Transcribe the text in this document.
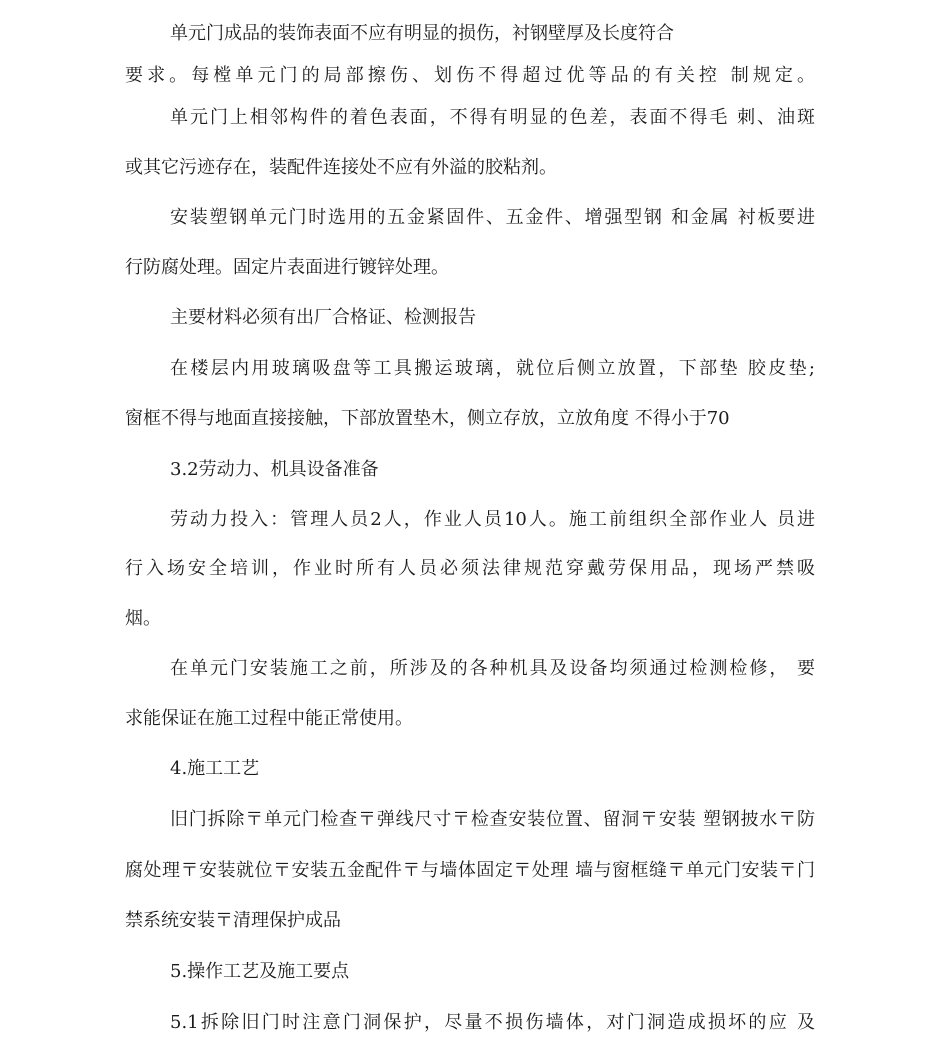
单元门成品的装饰表面不应有明显的损伤，衬钢壁厚及长度符合
要求。每樘单元门的局部擦伤、划伤不得超过优等品的有关控 制规定。
单元门上相邻构件的着色表面，不得有明显的色差，表面不得毛 刺、油斑
或其它污迹存在，装配件连接处不应有外溢的胶粘剂。
安装塑钢单元门时选用的五金紧固件、五金件、增强型钢 和金属 衬板要进
行防腐处理。固定片表面进行镀锌处理。
主要材料必须有出厂合格证、检测报告
在楼层内用玻璃吸盘等工具搬运玻璃，就位后侧立放置，下部垫 胶皮垫;
窗框不得与地面直接接触，下部放置垫木，侧立存放，立放角度 不得小于70
3.2劳动力、机具设备准备
劳动力投入：管理人员2人，作业人员10人。施工前组织全部作业人 员进
行入场安全培训，作业时所有人员必须法律规范穿戴劳保用品，现场严禁吸
烟。
在单元门安装施工之前，所涉及的各种机具及设备均须通过检测检修， 要
求能保证在施工过程中能正常使用。
4.施工工艺
旧门拆除〒单元门检查〒弹线尺寸〒检查安装位置、留洞〒安装 塑钢披水〒防
腐处理〒安装就位〒安装五金配件〒与墙体固定〒处理 墙与窗框缝〒单元门安装〒门
禁系统安装〒清理保护成品
5.操作工艺及施工要点
5.1拆除旧门时注意门洞保护，尽量不损伤墙体，对门洞造成损坏的应 及
